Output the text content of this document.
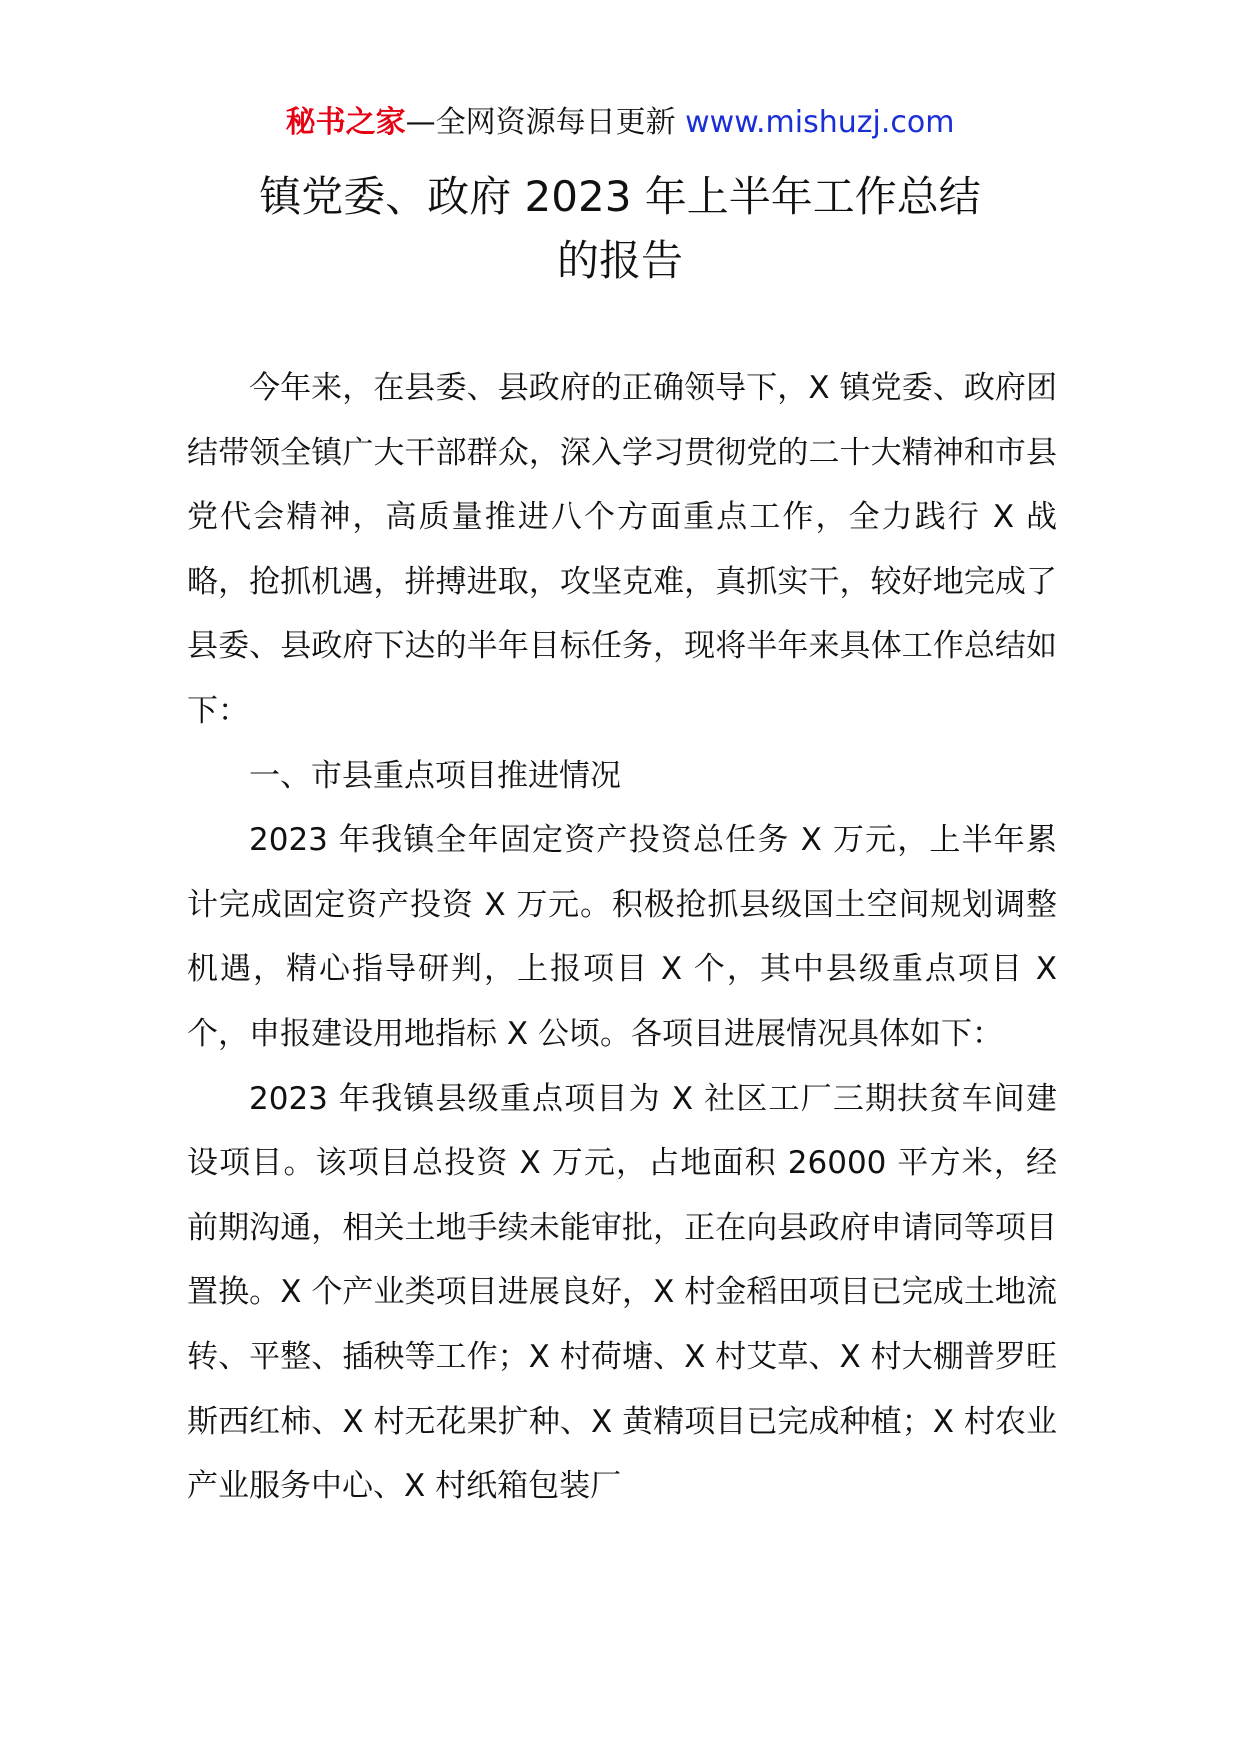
秘书之家—全网资源每日更新 www.mishuzj.com
镇党委、政府 2023 年上半年工作总结
的报告

今年来，在县委、县政府的正确领导下，X 镇党委、政府团结带领全镇广大干部群众，深入学习贯彻党的二十大精神和市县党代会精神，高质量推进八个方面重点工作，全力践行 X 战略，抢抓机遇，拼搏进取，攻坚克难，真抓实干，较好地完成了县委、县政府下达的半年目标任务，现将半年来具体工作总结如下：

一、市县重点项目推进情况

2023 年我镇全年固定资产投资总任务 X 万元，上半年累计完成固定资产投资 X 万元。积极抢抓县级国土空间规划调整机遇，精心指导研判，上报项目 X 个，其中县级重点项目 X 个，申报建设用地指标 X 公顷。各项目进展情况具体如下：

2023 年我镇县级重点项目为 X 社区工厂三期扶贫车间建设项目。该项目总投资 X 万元，占地面积 26000 平方米，经前期沟通，相关土地手续未能审批，正在向县政府申请同等项目置换。X 个产业类项目进展良好，X 村金稻田项目已完成土地流转、平整、插秧等工作；X 村荷塘、X 村艾草、X 村大棚普罗旺斯西红柿、X 村无花果扩种、X 黄精项目已完成种植；X 村农业产业服务中心、X 村纸箱包装厂
